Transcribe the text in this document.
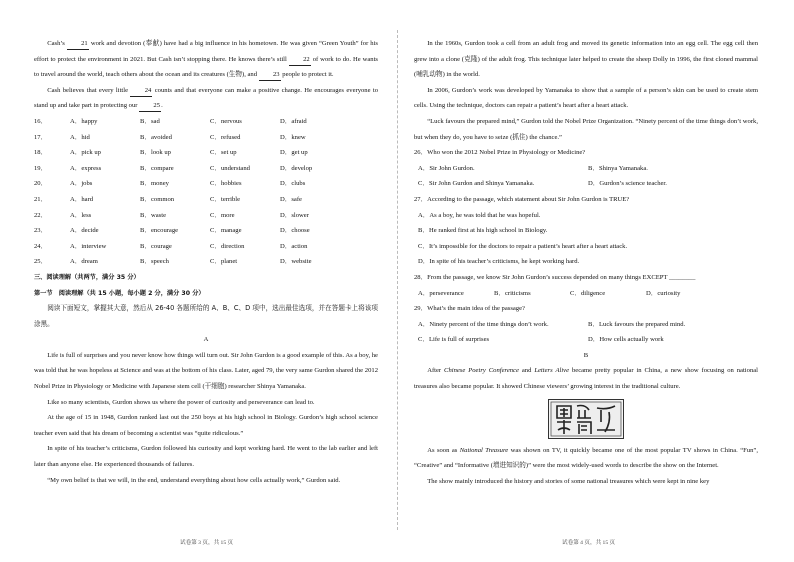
Cash’s 21 work and devotion (奉献) have had a big influence in his hometown. He was given “Green Youth” for his effort to protect the environment in 2021. But Cash isn’t stopping there. He knows there’s still 22 of work to do. He wants to travel around the world, teach others about the ocean and its creatures (生物), and 23 people to protect it.

Cash believes that every little 24 counts and that everyone can make a positive change. He encourages everyone to stand up and take part in protecting our 25.

16．	A．happy	B．sad	C．nervous	D．afraid
17．	A．hid	B．avoided	C．refused	D．knew
18．	A．pick up	B．look up	C．set up	D．get up
19．	A．express	B．compare	C．understand	D．develop
20．	A．jobs	B．money	C．hobbies	D．clubs
21．	A．hard	B．common	C．terrible	D．safe
22．	A．less	B．waste	C．more	D．slower
23．	A．decide	B．encourage	C．manage	D．choose
24．	A．interview	B．courage	C．direction	D．action
25．	A．dream	B．speech	C．planet	D．website

三、阅读理解（共两节，满分 35 分）

第一节　阅读理解（共 15 小题，每小题 2 分，满分 30 分）

阅读下面短文，掌握其大意，然后从 26-40 各题所给的 A、B、C、D 项中，选出最佳选项，并在答题卡上将该项涂黑。

A

Life is full of surprises and you never know how things will turn out. Sir John Gurdon is a good example of this. As a boy, he was told that he was hopeless at Science and was at the bottom of his class. Later, aged 79, the very same Gurdon shared the 2012 Nobel Prize in Physiology or Medicine with Japanese stem cell (干细胞) researcher Shinya Yamanaka.

Like so many scientists, Gurdon shows us where the power of curiosity and perseverance can lead to.

At the age of 15 in 1948, Gurdon ranked last out the 250 boys at his high school in Biology. Gurdon’s high school science teacher even said that his dream of becoming a scientist was “quite ridiculous.”

In spite of his teacher’s criticisms, Gurdon followed his curiosity and kept working hard. He went to the lab earlier and left later than anyone else. He experienced thousands of failures.

“My own belief is that we will, in the end, understand everything about how cells actually work,” Gurdon said.

In the 1960s, Gurdon took a cell from an adult frog and moved its genetic information into an egg cell. The egg cell then grew into a clone (克隆) of the adult frog. This technique later helped to create the sheep Dolly in 1996, the first cloned mammal (哺乳动物) in the world.

In 2006, Gurdon’s work was developed by Yamanaka to show that a sample of a person’s skin can be used to create stem cells. Using the technique, doctors can repair a patient’s heart after a heart attack.

“Luck favours the prepared mind,” Gurdon told the Nobel Prize Organization. “Ninety percent of the time things don’t work, but when they do, you have to seize (抓住) the chance.”

26．Who won the 2012 Nobel Prize in Physiology or Medicine?

A．Sir John Gurdon.	B．Shinya Yamanaka.
C．Sir John Gurdon and Shinya Yamanaka.	D．Gurdon’s science teacher.

27．According to the passage, which statement about Sir John Gurdon is TRUE?

A．As a boy, he was told that he was hopeful.
B．He ranked first at his high school in Biology.
C．It’s impossible for the doctors to repair a patient’s heart after a heart attack.
D．In spite of his teacher’s criticisms, he kept working hard.

28．From the passage, we know Sir John Gurdon’s success depended on many things EXCEPT ________

A．perseverance	B．criticisms	C．diligence	D．curiosity

29．What’s the main idea of the passage?

A．Ninety percent of the time things don’t work.	B．Luck favours the prepared mind.
C．Life is full of surprises	D．How cells actually work

B

After Chinese Poetry Conference and Letters Alive became pretty popular in China, a new show focusing on national treasures also became popular. It showed Chinese viewers’ growing interest in the traditional culture.

As soon as National Treasure was shown on TV, it quickly became one of the most popular TV shows in China. “Fun”, “Creative” and “Informative (增进知识的)” were the most widely-used words to describe the show on the Internet.

The show mainly introduced the history and stories of some national treasures which were kept in nine key

试卷第 3 页，共 15 页	试卷第 4 页，共 15 页
